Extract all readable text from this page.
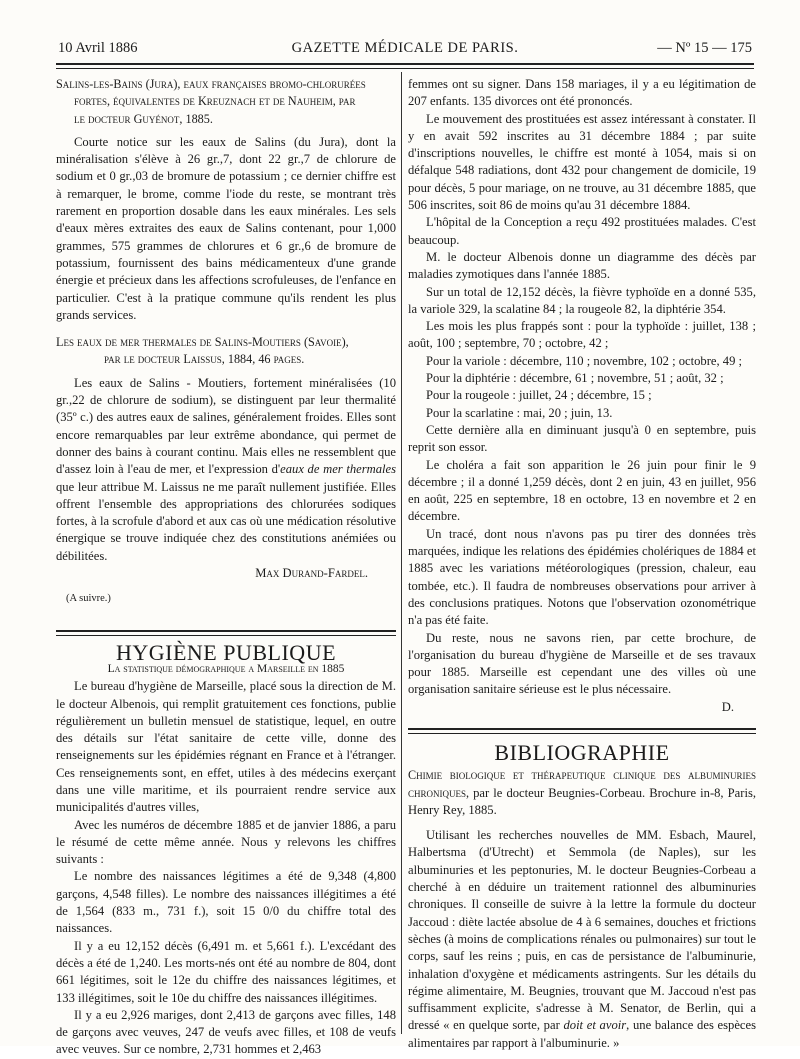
10 Avril 1886	GAZETTE MÉDICALE DE PARIS.	— Nº 15 — 175

Salins-les-Bains (Jura), eaux françaises bromo-chlorurées
fortes, équivalentes de Kreuznach et de Nauheim, par
le docteur Guyénot, 1885.

Courte notice sur les eaux de Salins (du Jura), dont la minéralisation s'élève à 26 gr.,7, dont 22 gr.,7 de chlorure de sodium et 0 gr.,03 de bromure de potassium ; ce dernier chiffre est à remarquer, le brome, comme l'iode du reste, se montrant très rarement en proportion dosable dans les eaux minérales. Les sels d'eaux mères extraites des eaux de Salins contenant, pour 1,000 grammes, 575 grammes de chlorures et 6 gr.,6 de bromure de potassium, fournissent des bains médicamenteux d'une grande énergie et précieux dans les affections scrofuleuses, de l'enfance en particulier. C'est à la pratique commune qu'ils rendent les plus grands services.

Les eaux de mer thermales de Salins-Moutiers (Savoie),
par le docteur Laissus, 1884, 46 pages.

Les eaux de Salins - Moutiers, fortement minéralisées (10 gr.,22 de chlorure de sodium), se distinguent par leur thermalité (35º c.) des autres eaux de salines, généralement froides. Elles sont encore remarquables par leur extrême abondance, qui permet de donner des bains à courant continu. Mais elles ne ressemblent que d'assez loin à l'eau de mer, et l'expression d'eaux de mer thermales que leur attribue M. Laissus ne me paraît nullement justifiée. Elles offrent l'ensemble des appropriations des chlorurées sodiques fortes, à la scrofule d'abord et aux cas où une médication résolutive énergique se trouve indiquée chez des constitutions anémiées ou débilitées.

Max Durand-Fardel.

(A suivre.)

HYGIÈNE PUBLIQUE

La statistique démographique a Marseille en 1885

Le bureau d'hygiène de Marseille, placé sous la direction de M. le docteur Albenois, qui remplit gratuitement ces fonctions, publie régulièrement un bulletin mensuel de statistique, lequel, en outre des détails sur l'état sanitaire de cette ville, donne des renseignements sur les épidémies régnant en France et à l'étranger. Ces renseignements sont, en effet, utiles à des médecins exerçant dans une ville maritime, et ils pourraient rendre service aux municipalités d'autres villes,

Avec les numéros de décembre 1885 et de janvier 1886, a paru le résumé de cette même année. Nous y relevons les chiffres suivants :

Le nombre des naissances légitimes a été de 9,348 (4,800 garçons, 4,548 filles). Le nombre des naissances illégitimes a été de 1,564 (833 m., 731 f.), soit 15 0/0 du chiffre total des naissances.

Il y a eu 12,152 décès (6,491 m. et 5,661 f.). L'excédant des décès a été de 1,240. Les morts-nés ont été au nombre de 804, dont 661 légitimes, soit le 12e du chiffre des naissances légitimes, et 133 illégitimes, soit le 10e du chiffre des naissances illégitimes.

Il y a eu 2,926 mariges, dont 2,413 de garçons avec filles, 148 de garçons avec veuves, 247 de veufs avec filles, et 108 de veufs avec veuves. Sur ce nombre, 2,731 hommes et 2,463

femmes ont su signer. Dans 158 mariages, il y a eu légitimation de 207 enfants. 135 divorces ont été prononcés.

Le mouvement des prostituées est assez intéressant à constater. Il y en avait 592 inscrites au 31 décembre 1884 ; par suite d'inscriptions nouvelles, le chiffre est monté à 1054, mais si on défalque 548 radiations, dont 432 pour changement de domicile, 19 pour décès, 5 pour mariage, on ne trouve, au 31 décembre 1885, que 506 inscrites, soit 86 de moins qu'au 31 décembre 1884.

L'hôpital de la Conception a reçu 492 prostituées malades. C'est beaucoup.

M. le docteur Albenois donne un diagramme des décès par maladies zymotiques dans l'année 1885.

Sur un total de 12,152 décès, la fièvre typhoïde en a donné 535, la variole 329, la scalatine 84 ; la rougeole 82, la diphtérie 354.

Les mois les plus frappés sont : pour la typhoïde : juillet, 138 ; août, 100 ; septembre, 70 ; octobre, 42 ;

Pour la variole : décembre, 110 ; novembre, 102 ; octobre, 49 ;

Pour la diphtérie : décembre, 61 ; novembre, 51 ; août, 32 ;

Pour la rougeole : juillet, 24 ; décembre, 15 ;

Pour la scarlatine : mai, 20 ; juin, 13.

Cette dernière alla en diminuant jusqu'à 0 en septembre, puis reprit son essor.

Le choléra a fait son apparition le 26 juin pour finir le 9 décembre ; il a donné 1,259 décès, dont 2 en juin, 43 en juillet, 956 en août, 225 en septembre, 18 en octobre, 13 en novembre et 2 en décembre.

Un tracé, dont nous n'avons pas pu tirer des données très marquées, indique les relations des épidémies cholériques de 1884 et 1885 avec les variations météorologiques (pression, chaleur, eau tombée, etc.). Il faudra de nombreuses observations pour arriver à des conclusions pratiques. Notons que l'observation ozonométrique n'a pas été faite.

Du reste, nous ne savons rien, par cette brochure, de l'organisation du bureau d'hygiène de Marseille et de ses travaux pour 1885. Marseille est cependant une des villes où une organisation sanitaire sérieuse est le plus nécessaire.

D.

BIBLIOGRAPHIE

Chimie biologique et thérapeutique clinique des albuminuries chroniques, par le docteur Beugnies-Corbeau. Brochure in-8, Paris, Henry Rey, 1885.

Utilisant les recherches nouvelles de MM. Esbach, Maurel, Halbertsma (d'Utrecht) et Semmola (de Naples), sur les albuminuries et les peptonuries, M. le docteur Beugnies-Corbeau a cherché à en déduire un traitement rationnel des albuminuries chroniques. Il conseille de suivre à la lettre la formule du docteur Jaccoud : diète lactée absolue de 4 à 6 semaines, douches et frictions sèches (à moins de complications rénales ou pulmonaires) sur tout le corps, sauf les reins ; puis, en cas de persistance de l'albuminurie, inhalation d'oxygène et médicaments astringents. Sur les détails du régime alimentaire, M. Beugnies, trouvant que M. Jaccoud n'est pas suffisamment explicite, s'adresse à M. Senator, de Berlin, qui a dressé « en quelque sorte, par doit et avoir, une balance des espèces alimentaires par rapport à l'albuminurie. »
